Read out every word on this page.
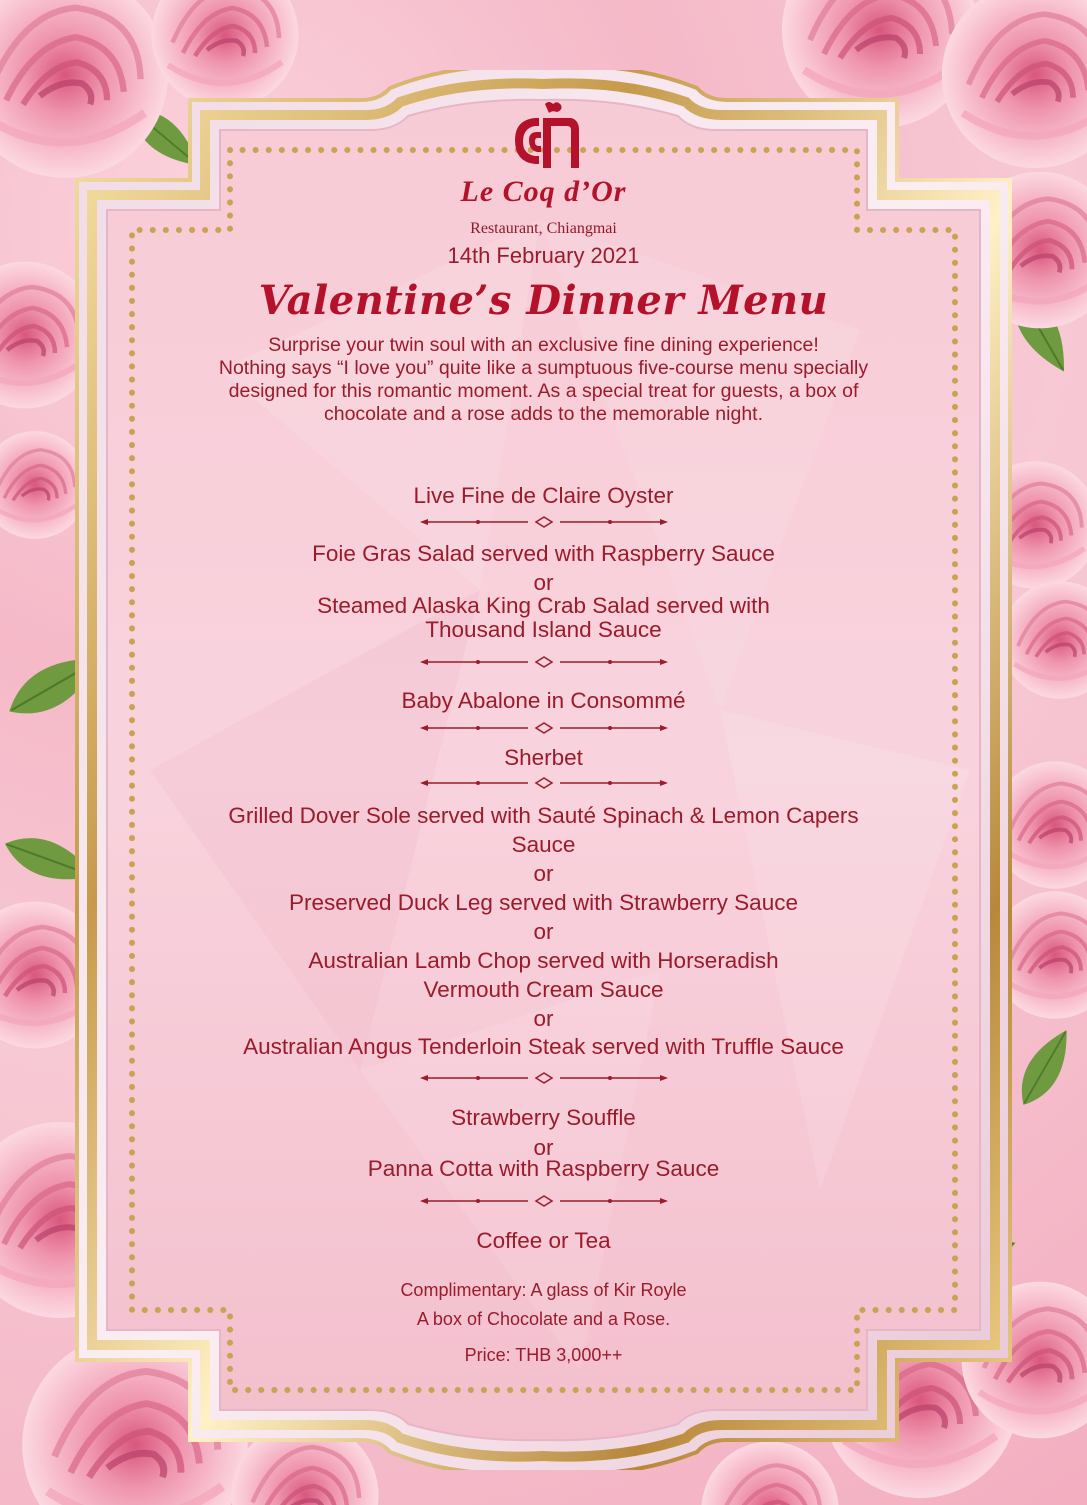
Le Coq d’Or
Restaurant, Chiangmai
14th February 2021
Valentine’s Dinner Menu
Surprise your twin soul with an exclusive fine dining experience!
Nothing says “I love you” quite like a sumptuous five-course menu specially
designed for this romantic moment. As a special treat for guests, a box of
chocolate and a rose adds to the memorable night.
Live Fine de Claire Oyster
Foie Gras Salad served with Raspberry Sauce
or
Steamed Alaska King Crab Salad served with
Thousand Island Sauce
Baby Abalone in Consommé
Sherbet
Grilled Dover Sole served with Sauté Spinach & Lemon Capers
Sauce
or
Preserved Duck Leg served with Strawberry Sauce
or
Australian Lamb Chop served with Horseradish
Vermouth Cream Sauce
or
Australian Angus Tenderloin Steak served with Truffle Sauce
Strawberry Souffle
or
Panna Cotta with Raspberry Sauce
Coffee or Tea
Complimentary: A glass of Kir Royle
A box of Chocolate and a Rose.
Price: THB 3,000++
